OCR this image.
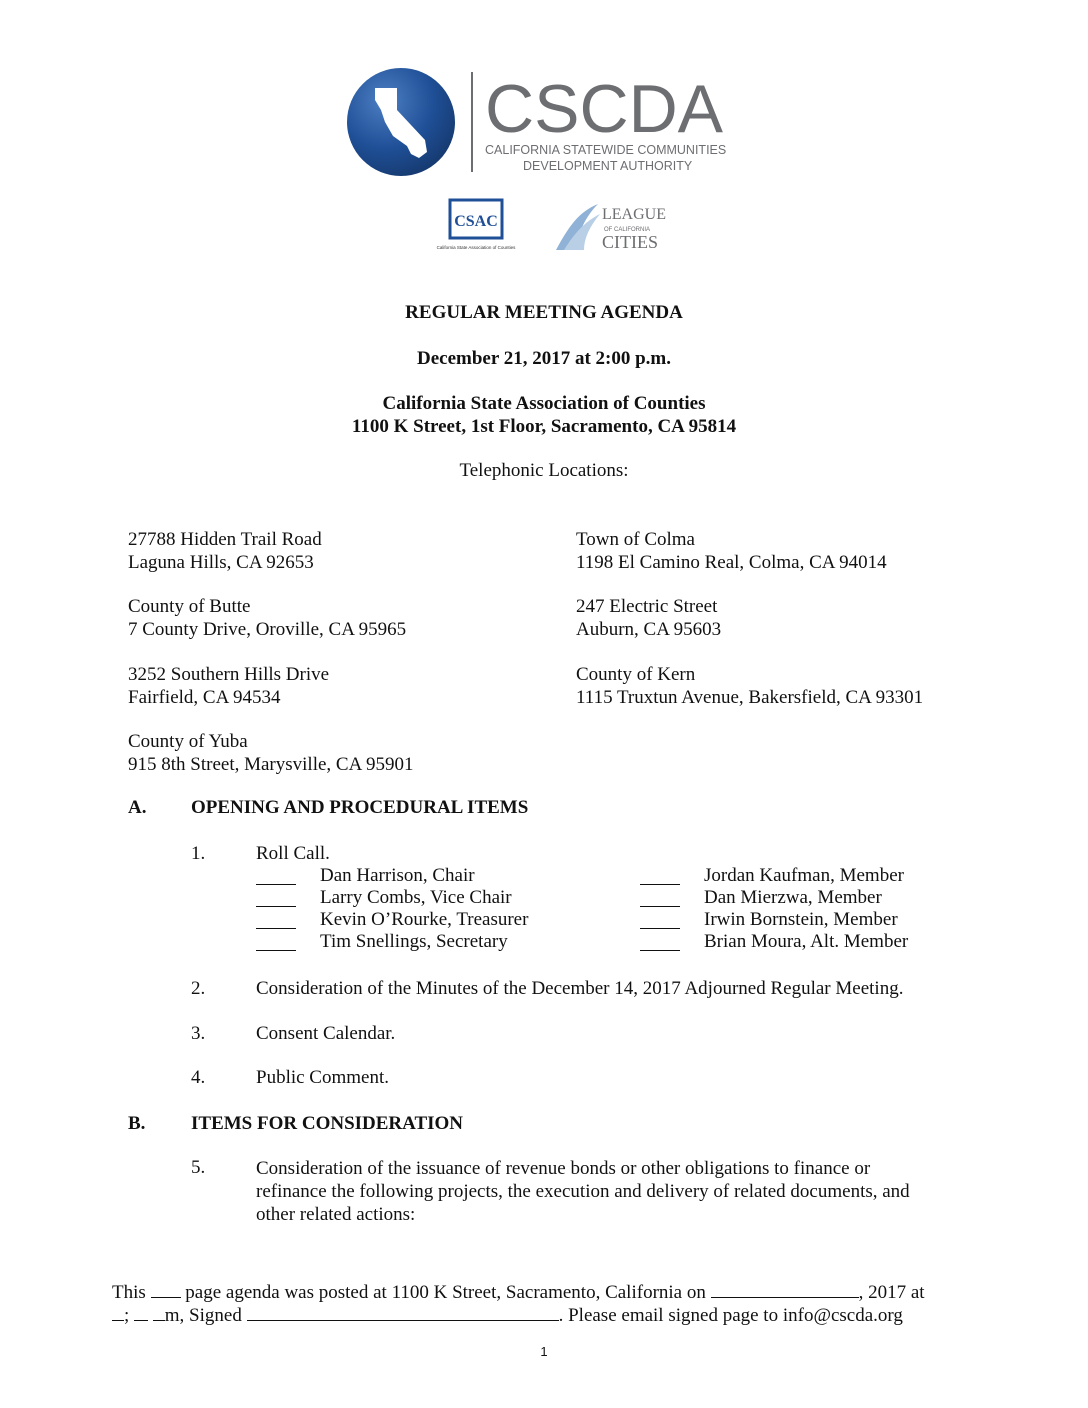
CSCDA
CALIFORNIA STATEWIDE COMMUNITIES
DEVELOPMENT AUTHORITY
CSAC
California State Association of Counties
LEAGUE
OF CALIFORNIA
CITIES
REGULAR MEETING AGENDA
December 21, 2017 at 2:00 p.m.
California State Association of Counties
1100 K Street, 1st Floor, Sacramento, CA 95814
Telephonic Locations:
27788 Hidden Trail Road
Laguna Hills, CA 92653
County of Butte
7 County Drive, Oroville, CA 95965
3252 Southern Hills Drive
Fairfield, CA 94534
County of Yuba
915 8th Street, Marysville, CA 95901
Town of Colma
1198 El Camino Real, Colma, CA 94014
247 Electric Street
Auburn, CA 95603
County of Kern
1115 Truxtun Avenue, Bakersfield, CA 93301
A. OPENING AND PROCEDURAL ITEMS
1.	Roll Call.
Dan Harrison, Chair
Larry Combs, Vice Chair
Kevin O’Rourke, Treasurer
Tim Snellings, Secretary
Jordan Kaufman, Member
Dan Mierzwa, Member
Irwin Bornstein, Member
Brian Moura, Alt. Member
2.	Consideration of the Minutes of the December 14, 2017 Adjourned Regular Meeting.
3.	Consent Calendar.
4.	Public Comment.
B. ITEMS FOR CONSIDERATION
5.	Consideration of the issuance of revenue bonds or other obligations to finance or
refinance the following projects, the execution and delivery of related documents, and
other related actions:
This page agenda was posted at 1100 K Street, Sacramento, California on	, 2017 at
; m, Signed	. Please email signed page to info@cscda.org
1
